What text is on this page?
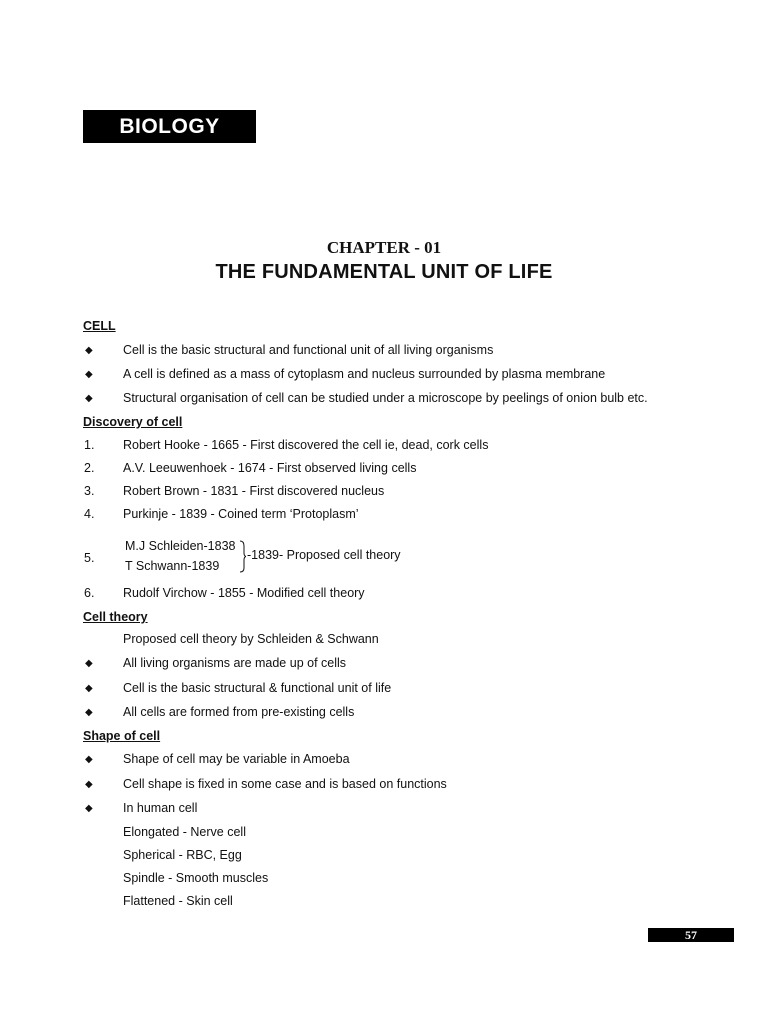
BIOLOGY
CHAPTER - 01
THE FUNDAMENTAL UNIT OF LIFE
CELL
◆ Cell is the basic structural and functional unit of all living organisms
◆ A cell is defined as a mass of cytoplasm and nucleus surrounded by plasma membrane
◆ Structural organisation of cell can be studied under a microscope by peelings of onion bulb etc.
Discovery of cell
1. Robert Hooke - 1665 - First discovered the cell ie, dead, cork cells
2. A.V. Leeuwenhoek - 1674 - First observed living cells
3. Robert Brown - 1831 - First discovered nucleus
4. Purkinje - 1839 - Coined term ‘Protoplasm’
5.
M.J Schleiden-1838
T Schwann-1839
-1839- Proposed cell theory
6. Rudolf Virchow - 1855 - Modified cell theory
Cell theory
Proposed cell theory by Schleiden & Schwann
◆ All living organisms are made up of cells
◆ Cell is the basic structural & functional unit of life
◆ All cells are formed from pre-existing cells
Shape of cell
◆ Shape of cell may be variable in Amoeba
◆ Cell shape is fixed in some case and is based on functions
◆ In human cell
Elongated - Nerve cell
Spherical - RBC, Egg
Spindle - Smooth muscles
Flattened - Skin cell
57
